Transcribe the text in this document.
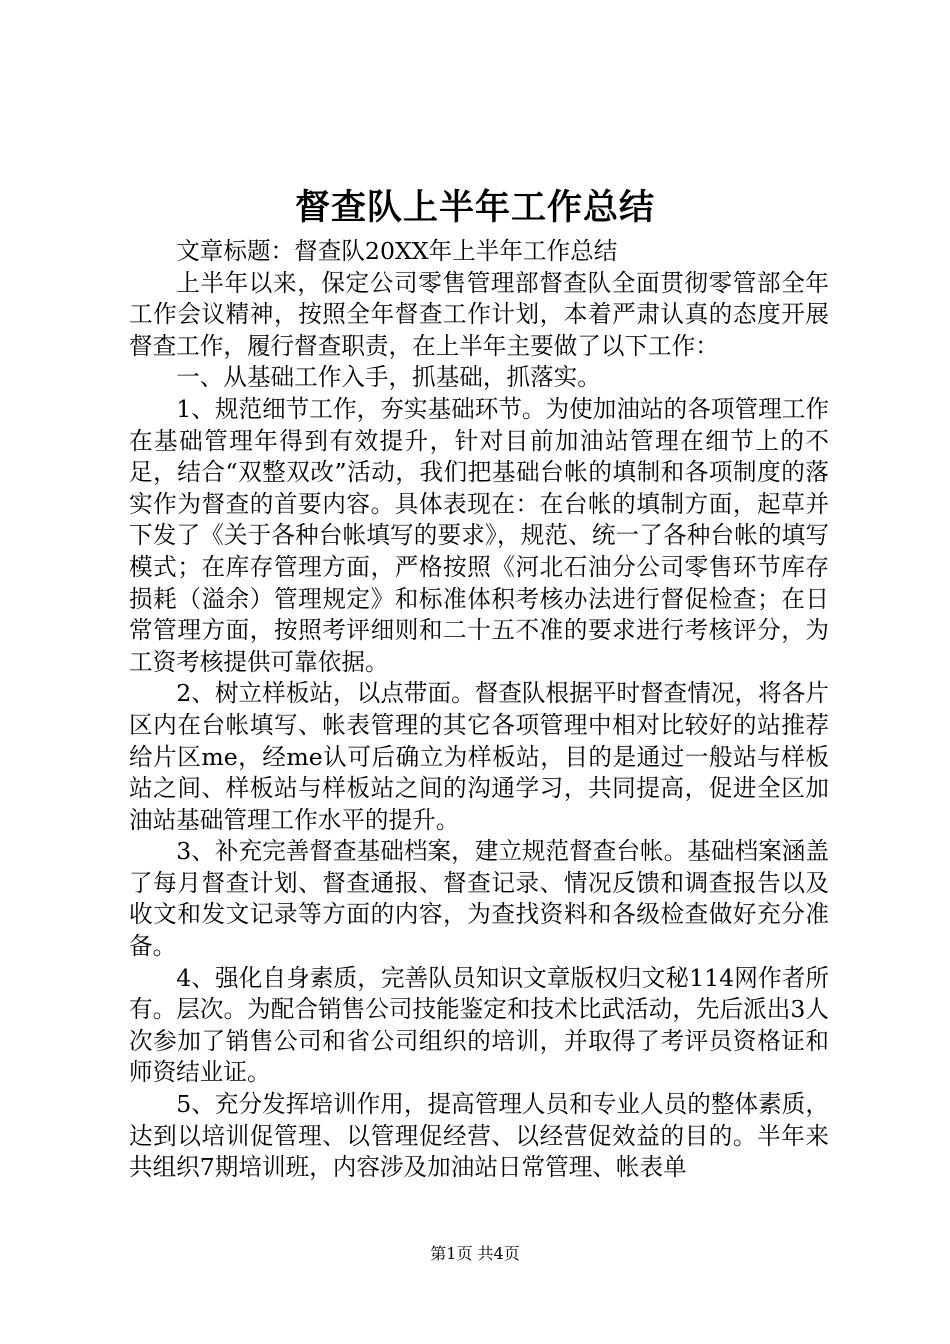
督查队上半年工作总结

文章标题：督查队20XX年上半年工作总结

上半年以来，保定公司零售管理部督查队全面贯彻零管部全年工作会议精神，按照全年督查工作计划，本着严肃认真的态度开展督查工作，履行督查职责，在上半年主要做了以下工作：

一、从基础工作入手，抓基础，抓落实。

1、规范细节工作，夯实基础环节。为使加油站的各项管理工作在基础管理年得到有效提升，针对目前加油站管理在细节上的不足，结合“双整双改”活动，我们把基础台帐的填制和各项制度的落实作为督查的首要内容。具体表现在：在台帐的填制方面，起草并下发了《关于各种台帐填写的要求》，规范、统一了各种台帐的填写模式；在库存管理方面，严格按照《河北石油分公司零售环节库存损耗（溢余）管理规定》和标准体积考核办法进行督促检查；在日常管理方面，按照考评细则和二十五不准的要求进行考核评分，为工资考核提供可靠依据。

2、树立样板站，以点带面。督查队根据平时督查情况，将各片区内在台帐填写、帐表管理的其它各项管理中相对比较好的站推荐给片区me，经me认可后确立为样板站，目的是通过一般站与样板站之间、样板站与样板站之间的沟通学习，共同提高，促进全区加油站基础管理工作水平的提升。

3、补充完善督查基础档案，建立规范督查台帐。基础档案涵盖了每月督查计划、督查通报、督查记录、情况反馈和调查报告以及收文和发文记录等方面的内容，为查找资料和各级检查做好充分准备。

4、强化自身素质，完善队员知识文章版权归文秘114网作者所有。层次。为配合销售公司技能鉴定和技术比武活动，先后派出3人次参加了销售公司和省公司组织的培训，并取得了考评员资格证和师资结业证。

5、充分发挥培训作用，提高管理人员和专业人员的整体素质，达到以培训促管理、以管理促经营、以经营促效益的目的。半年来共组织7期培训班，内容涉及加油站日常管理、帐表单

第1页 共4页
